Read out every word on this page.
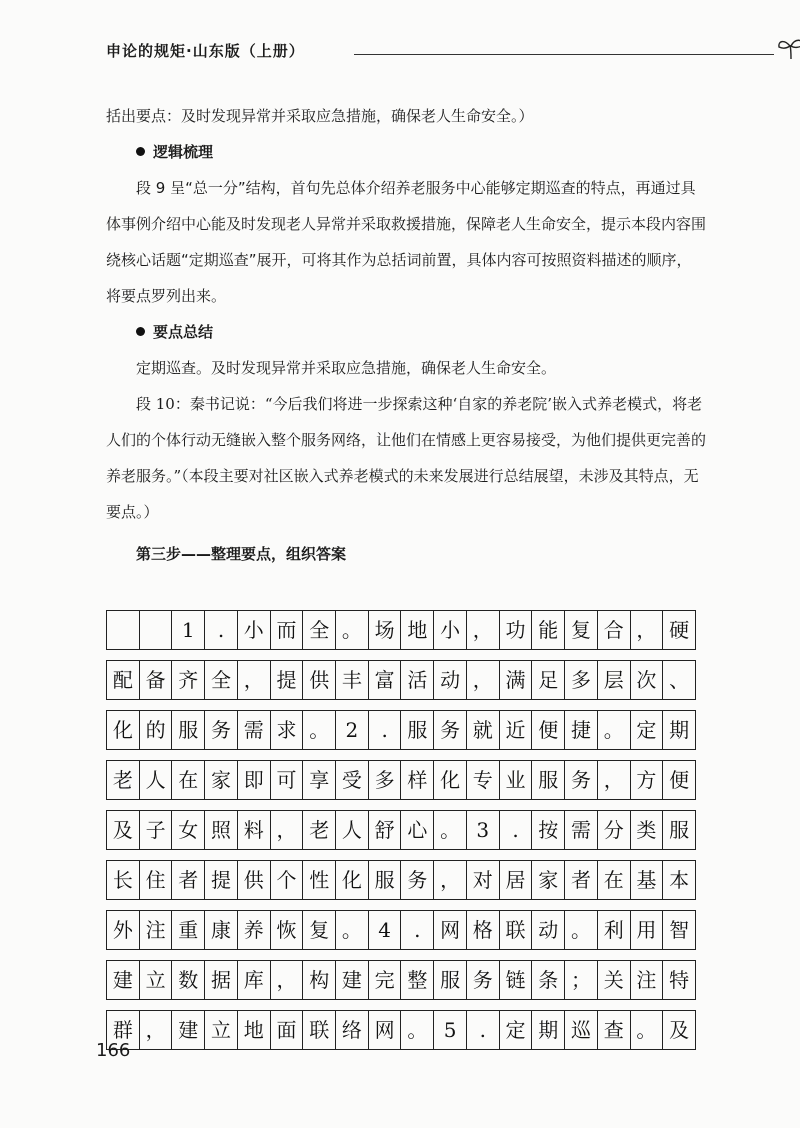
申论的规矩·山东版（上册）

括出要点：及时发现异常并采取应急措施，确保老人生命安全。）

逻辑梳理

段 9 呈“总一分”结构，首句先总体介绍养老服务中心能够定期巡查的特点，再通过具体事例介绍中心能及时发现老人异常并采取救援措施，保障老人生命安全，提示本段内容围绕核心话题“定期巡查”展开，可将其作为总括词前置，具体内容可按照资料描述的顺序，将要点罗列出来。

要点总结

定期巡查。及时发现异常并采取应急措施，确保老人生命安全。

段 10：秦书记说：“今后我们将进一步探索这种‘自家的养老院’嵌入式养老模式，将老人们的个体行动无缝嵌入整个服务网络，让他们在情感上更容易接受，为他们提供更完善的养老服务。”（本段主要对社区嵌入式养老模式的未来发展进行总结展望，未涉及其特点，无要点。）

第三步——整理要点，组织答案

1	. 小 而 全 。 场 地 小 ， 功 能 复 合 ， 硬
配 备 齐 全 ， 提 供 丰 富 活 动 ， 满 足 多 层 次 、
化 的 服 务 需 求 。 2	. 服 务 就 近 便 捷 。 定 期
老 人 在 家 即 可 享 受 多 样 化 专 业 服 务 ， 方 便
及 子 女 照 料 ， 老 人 舒 心 。 3	. 按 需 分 类 服
长 住 者 提 供 个 性 化 服 务 ， 对 居 家 者 在 基 本
外 注 重 康 养 恢 复 。 4	. 网 格 联 动 。 利 用 智
建 立 数 据 库 ， 构 建 完 整 服 务 链 条 ； 关 注 特
群 ， 建 立 地 面 联 络 网 。 5	. 定 期 巡 查 。 及
166
